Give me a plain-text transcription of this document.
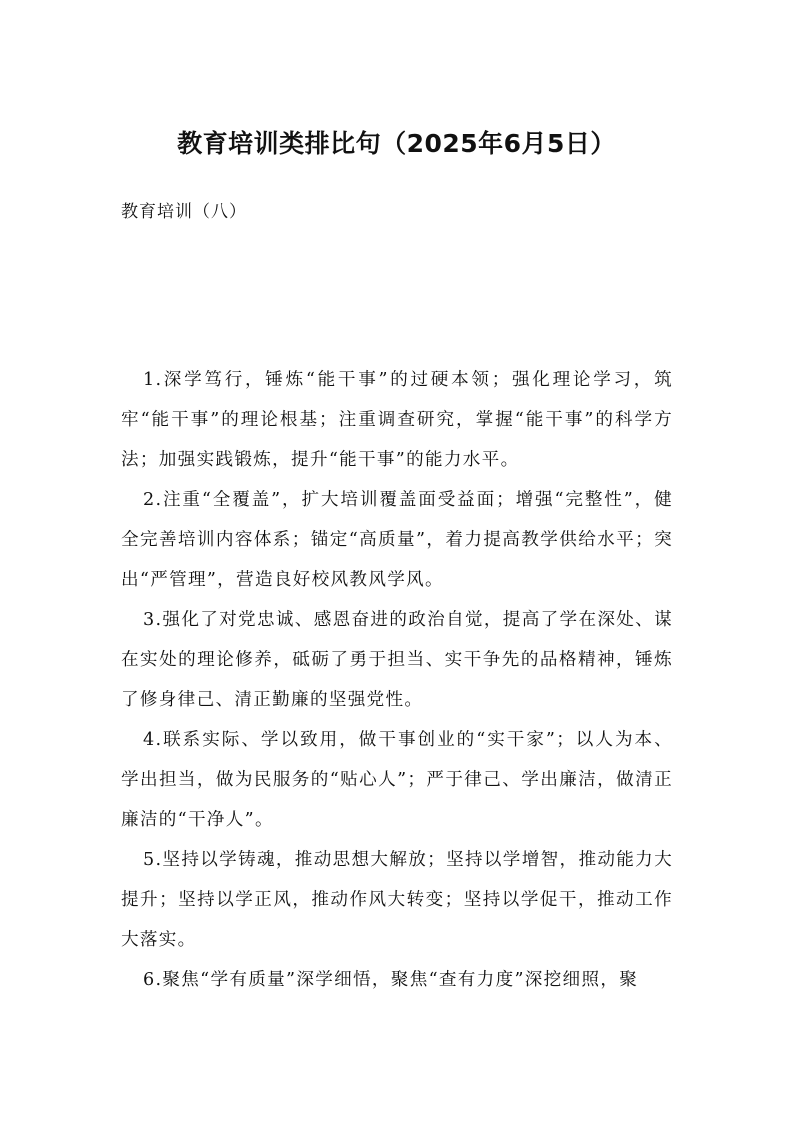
教育培训类排比句（2025年6月5日）

教育培训（八）

1.深学笃行，锤炼“能干事”的过硬本领；强化理论学习，筑牢“能干事”的理论根基；注重调查研究，掌握“能干事”的科学方法；加强实践锻炼，提升“能干事”的能力水平。

2.注重“全覆盖”，扩大培训覆盖面受益面；增强“完整性”，健全完善培训内容体系；锚定“高质量”，着力提高教学供给水平；突出“严管理”，营造良好校风教风学风。

3.强化了对党忠诚、感恩奋进的政治自觉，提高了学在深处、谋在实处的理论修养，砥砺了勇于担当、实干争先的品格精神，锤炼了修身律己、清正勤廉的坚强党性。

4.联系实际、学以致用，做干事创业的“实干家”；以人为本、学出担当，做为民服务的“贴心人”；严于律己、学出廉洁，做清正廉洁的“干净人”。

5.坚持以学铸魂，推动思想大解放；坚持以学增智，推动能力大提升；坚持以学正风，推动作风大转变；坚持以学促干，推动工作大落实。

6.聚焦“学有质量”深学细悟，聚焦“查有力度”深挖细照，聚
